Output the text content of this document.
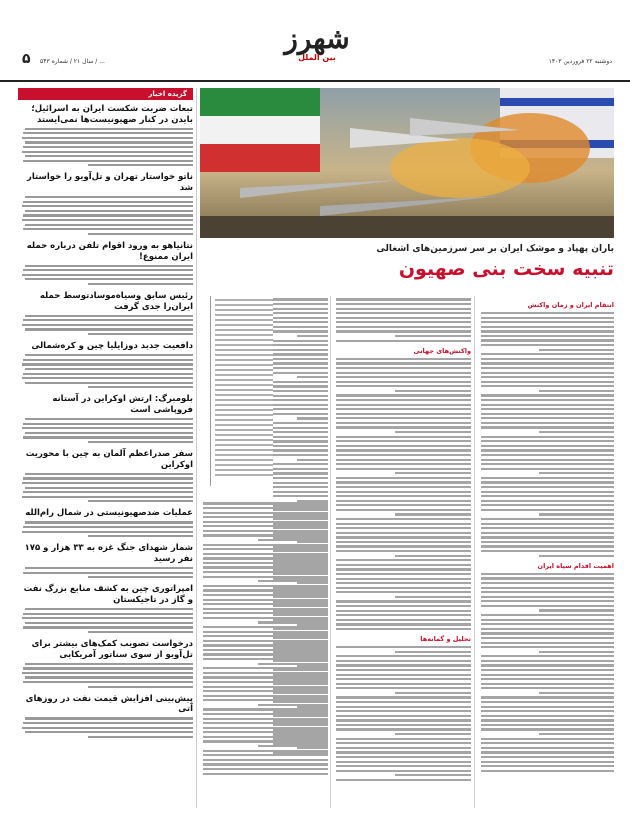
۵ سال ۲۱ / شماره ۵۴۳ / ...
شهرز
بین الملل	دوشنبه ۲۲ فروردین ۱۴۰۳
گزیده اخبار
تبعات ضربت شکست ایران به اسرائیل؛ بایدن در کنار صهیونیست‌ها نمی‌ایستد
ناتو خواستار تهران و تل‌آویو را خواستار شد
نتانیاهو به ورود اقوام تلفن درباره حمله ایران ممنوع!
رئیس سابق وسیاه‌موسادتوسط حمله ایران‌را جدی گرفت
دافعیت جدید دوزایلیا چین و کره‌شمالی
بلومبرگ: ارتش اوکراین در آستانه فروپاشی است
سفر صدراعظم آلمان به چین با محوریت اوکراین
عملیات ضدصهیونیستی در شمال رام‌الله
شمار شهدای جنگ غزه به ۳۳ هزار و ۱۷۵ نفر رسید
امپراتوری چین به کشف منابع بزرگ نفت و گاز در تاجیکستان
درخواست تصویب کمک‌های بیشتر برای تل‌آویو از سوی سناتور آمریکایی
پیش‌بینی افزایش قیمت نفت در روزهای آتی
باران پهپاد و موشک ایران بر سر سرزمین‌های اشغالی
تنبیه سخت بنی صهیون
انتقام ایران و زمان واکنش
اهمیت اقدام سپاه ایران
واکنش‌های جهانی
تحلیل و گمانه‌ها
